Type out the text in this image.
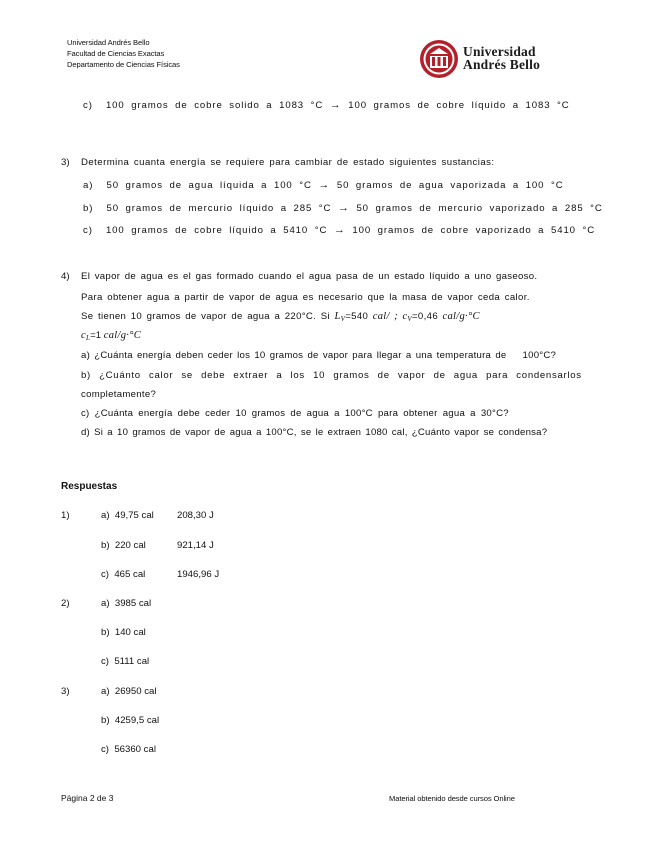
Universidad Andrés Bello
Facultad de Ciencias Exactas
Departamento de Ciencias Físicas
Universidad
Andrés Bello
c) 100 gramos de cobre solido a 1083 °C → 100 gramos de cobre líquido a 1083 °C
3) Determina cuanta energía se requiere para cambiar de estado siguientes sustancias:
a) 50 gramos de agua líquida a 100 °C → 50 gramos de agua vaporizada a 100 °C
b) 50 gramos de mercurio líquido a 285 °C → 50 gramos de mercurio vaporizado a 285 °C
c) 100 gramos de cobre líquido a 5410 °C → 100 gramos de cobre vaporizado a 5410 °C
4) El vapor de agua es el gas formado cuando el agua pasa de un estado líquido a uno gaseoso.
Para obtener agua a partir de vapor de agua es necesario que la masa de vapor ceda calor.
Se tienen 10 gramos de vapor de agua a 220°C. Si $L_V=540$ cal/ ; $c_V=0,46$ cal/g·°C
$c_L=1$ cal/g·°C
a) ¿Cuánta energía deben ceder los 10 gramos de vapor para llegar a una temperatura de 100°C?
b) ¿Cuánto calor se debe extraer a los 10 gramos de vapor de agua para condensarlos
completamente?
c) ¿Cuánta energía debe ceder 10 gramos de agua a 100°C para obtener agua a 30°C?
d) Si a 10 gramos de vapor de agua a 100°C, se le extraen 1080 cal, ¿Cuánto vapor se condensa?
Respuestas
1)	a) 49,75 cal 208,30 J
b) 220 cal	921,14 J
c) 465 cal	1946,96 J
2)	a) 3985 cal
b) 140 cal
c) 5111 cal
3)	a) 26950 cal
b) 4259,5 cal
c) 56360 cal
Página 2 de 3	Material obtenido desde cursos Online
